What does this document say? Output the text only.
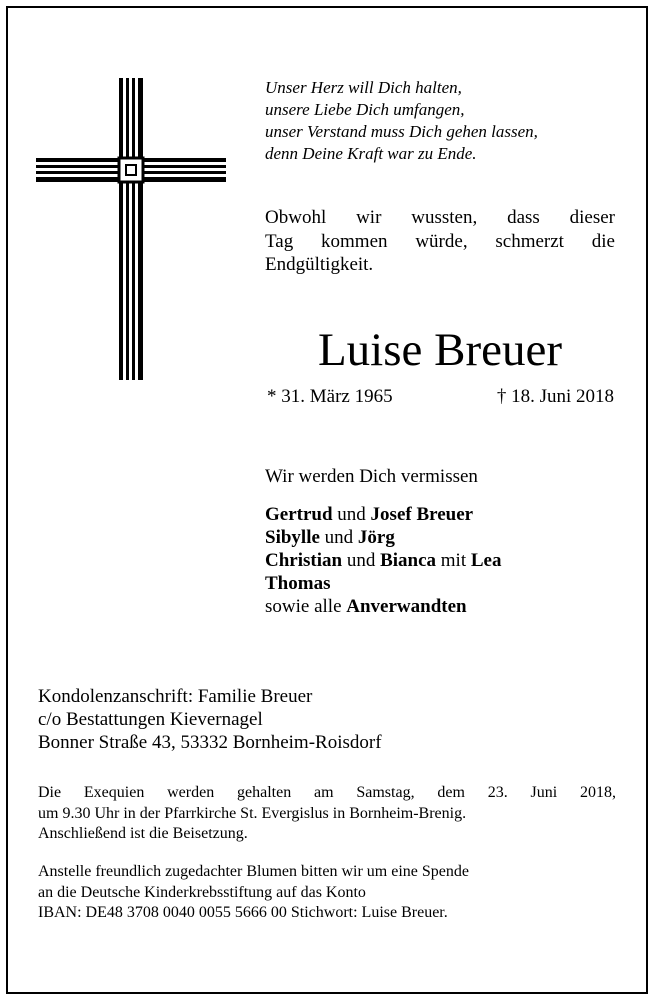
Unser Herz will Dich halten,
unsere Liebe Dich umfangen,
unser Verstand muss Dich gehen lassen,
denn Deine Kraft war zu Ende.
Obwohl wir wussten, dass dieser
Tag kommen würde, schmerzt die
Endgültigkeit.
Luise Breuer
* 31. März 1965	† 18. Juni 2018
Wir werden Dich vermissen
Gertrud und Josef Breuer
Sibylle und Jörg
Christian und Bianca mit Lea
Thomas
sowie alle Anverwandten
Kondolenzanschrift: Familie Breuer
c/o Bestattungen Kievernagel
Bonner Straße 43, 53332 Bornheim-Roisdorf
Die Exequien werden gehalten am Samstag, dem 23. Juni 2018,
um 9.30 Uhr in der Pfarrkirche St. Evergislus in Bornheim-Brenig.
Anschließend ist die Beisetzung.
Anstelle freundlich zugedachter Blumen bitten wir um eine Spende
an die Deutsche Kinderkrebsstiftung auf das Konto
IBAN: DE48 3708 0040 0055 5666 00 Stichwort: Luise Breuer.
